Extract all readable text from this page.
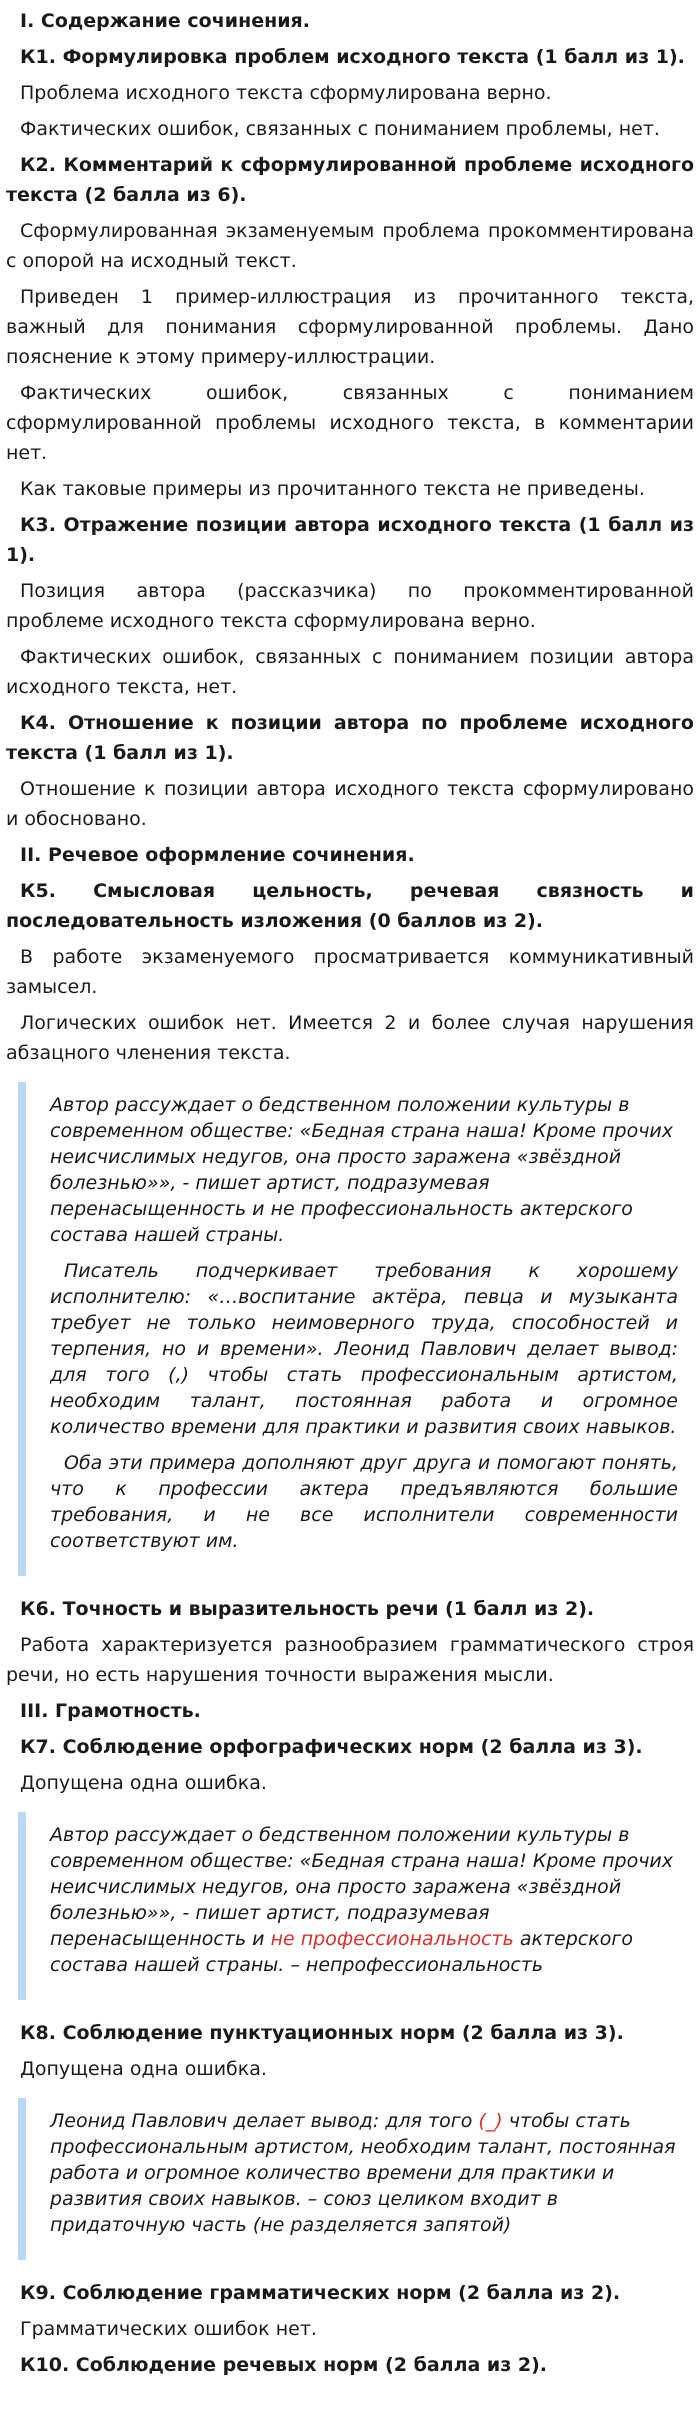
I. Содержание сочинения.

К1. Формулировка проблем исходного текста (1 балл из 1).

Проблема исходного текста сформулирована верно.

Фактических ошибок, связанных с пониманием проблемы, нет.

К2. Комментарий к сформулированной проблеме исходного текста (2 балла из 6).

Сформулированная экзаменуемым проблема прокомментирована с опорой на исходный текст.

Приведен 1 пример-иллюстрация из прочитанного текста, важный для понимания сформулированной проблемы. Дано пояснение к этому примеру-иллюстрации.

Фактических ошибок, связанных с пониманием сформулированной проблемы исходного текста, в комментарии нет.

Как таковые примеры из прочитанного текста не приведены.

К3. Отражение позиции автора исходного текста (1 балл из 1).

Позиция автора (рассказчика) по прокомментированной проблеме исходного текста сформулирована верно.

Фактических ошибок, связанных с пониманием позиции автора исходного текста, нет.

К4. Отношение к позиции автора по проблеме исходного текста (1 балл из 1).

Отношение к позиции автора исходного текста сформулировано и обосновано.

II. Речевое оформление сочинения.

К5. Смысловая цельность, речевая связность и последовательность изложения (0 баллов из 2).

В работе экзаменуемого просматривается коммуникативный замысел.

Логических ошибок нет. Имеется 2 и более случая нарушения абзацного членения текста.

Автор рассуждает о бедственном положении культуры в современном обществе: «Бедная страна наша! Кроме прочих неисчислимых недугов, она просто заражена «звёздной болезнью»», - пишет артист, подразумевая перенасыщенность и не профессиональность актерского состава нашей страны.

Писатель подчеркивает требования к хорошему исполнителю: «…воспитание актёра, певца и музыканта требует не только неимоверного труда, способностей и терпения, но и времени». Леонид Павлович делает вывод: для того (,) чтобы стать профессиональным артистом, необходим талант, постоянная работа и огромное количество времени для практики и развития своих навыков.

Оба эти примера дополняют друг друга и помогают понять, что к профессии актера предъявляются большие требования, и не все исполнители современности соответствуют им.

К6. Точность и выразительность речи (1 балл из 2).

Работа характеризуется разнообразием грамматического строя речи, но есть нарушения точности выражения мысли.

III. Грамотность.

К7. Соблюдение орфографических норм (2 балла из 3).

Допущена одна ошибка.

Автор рассуждает о бедственном положении культуры в современном обществе: «Бедная страна наша! Кроме прочих неисчислимых недугов, она просто заражена «звёздной болезнью»», - пишет артист, подразумевая перенасыщенность и не профессиональность актерского состава нашей страны. – непрофессиональность

К8. Соблюдение пунктуационных норм (2 балла из 3).

Допущена одна ошибка.

Леонид Павлович делает вывод: для того (_) чтобы стать профессиональным артистом, необходим талант, постоянная работа и огромное количество времени для практики и развития своих навыков. – союз целиком входит в придаточную часть (не разделяется запятой)

К9. Соблюдение грамматических норм (2 балла из 2).

Грамматических ошибок нет.

К10. Соблюдение речевых норм (2 балла из 2).
